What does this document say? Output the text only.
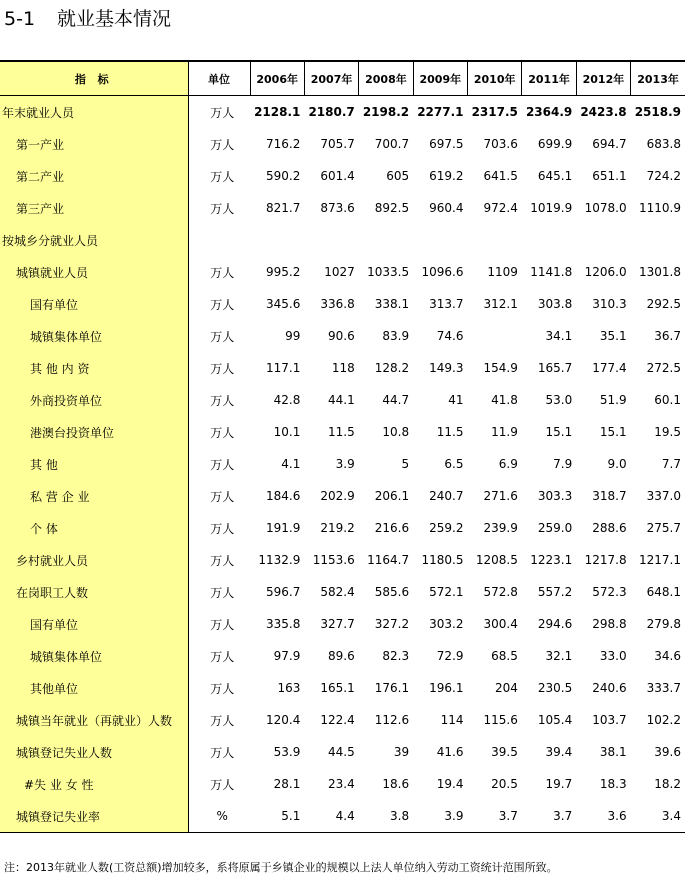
5-1 就业基本情况
指 标	单位	2006年	2007年	2008年	2009年	2010年	2011年	2012年	2013年
年末就业人员	万人	2128.1	2180.7	2198.2	2277.1	2317.5	2364.9	2423.8	2518.9
第一产业	万人	716.2	705.7	700.7	697.5	703.6	699.9	694.7	683.8
第二产业	万人	590.2	601.4	605	619.2	641.5	645.1	651.1	724.2
第三产业	万人	821.7	873.6	892.5	960.4	972.4	1019.9	1078.0	1110.9
按城乡分就业人员									
城镇就业人员	万人	995.2	1027	1033.5	1096.6	1109	1141.8	1206.0	1301.8
国有单位	万人	345.6	336.8	338.1	313.7	312.1	303.8	310.3	292.5
城镇集体单位	万人	99	90.6	83.9	74.6		34.1	35.1	36.7
其 他 内 资	万人	117.1	118	128.2	149.3	154.9	165.7	177.4	272.5
外商投资单位	万人	42.8	44.1	44.7	41	41.8	53.0	51.9	60.1
港澳台投资单位	万人	10.1	11.5	10.8	11.5	11.9	15.1	15.1	19.5
其 他	万人	4.1	3.9	5	6.5	6.9	7.9	9.0	7.7
私 营 企 业	万人	184.6	202.9	206.1	240.7	271.6	303.3	318.7	337.0
个 体	万人	191.9	219.2	216.6	259.2	239.9	259.0	288.6	275.7
乡村就业人员	万人	1132.9	1153.6	1164.7	1180.5	1208.5	1223.1	1217.8	1217.1
在岗职工人数	万人	596.7	582.4	585.6	572.1	572.8	557.2	572.3	648.1
国有单位	万人	335.8	327.7	327.2	303.2	300.4	294.6	298.8	279.8
城镇集体单位	万人	97.9	89.6	82.3	72.9	68.5	32.1	33.0	34.6
其他单位	万人	163	165.1	176.1	196.1	204	230.5	240.6	333.7
城镇当年就业（再就业）人数	万人	120.4	122.4	112.6	114	115.6	105.4	103.7	102.2
城镇登记失业人数	万人	53.9	44.5	39	41.6	39.5	39.4	38.1	39.6
#失 业 女 性	万人	28.1	23.4	18.6	19.4	20.5	19.7	18.3	18.2
城镇登记失业率	%	5.1	4.4	3.8	3.9	3.7	3.7	3.6	3.4
注：2013年就业人数(工资总额)增加较多，系将原属于乡镇企业的规模以上法人单位纳入劳动工资统计范围所致。
